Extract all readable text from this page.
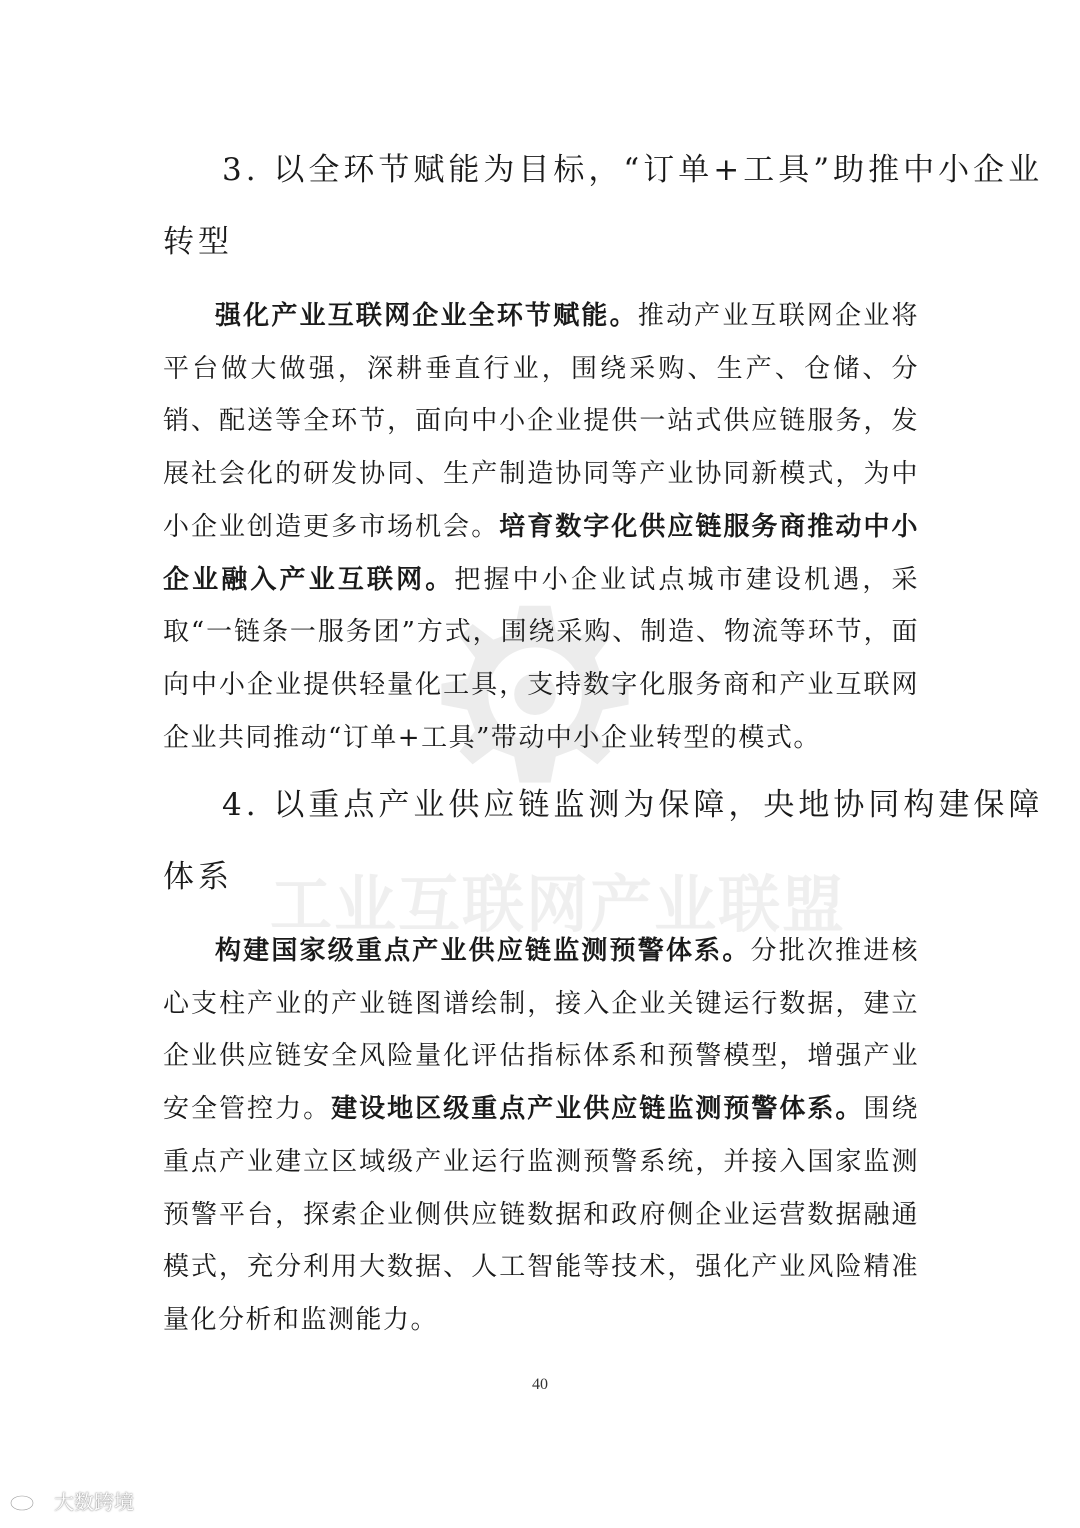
工业互联网产业联盟
3. 以全环节赋能为目标，“订单+工具”助推中小企业
转型
强化产业互联网企业全环节赋能。推动产业互联网企业将平台做大做强，深耕垂直行业，围绕采购、生产、仓储、分销、配送等全环节，面向中小企业提供一站式供应链服务，发展社会化的研发协同、生产制造协同等产业协同新模式，为中小企业创造更多市场机会。培育数字化供应链服务商推动中小企业融入产业互联网。把握中小企业试点城市建设机遇，采取“一链条一服务团”方式，围绕采购、制造、物流等环节，面向中小企业提供轻量化工具，支持数字化服务商和产业互联网企业共同推动“订单+工具”带动中小企业转型的模式。
4. 以重点产业供应链监测为保障，央地协同构建保障
体系
构建国家级重点产业供应链监测预警体系。分批次推进核心支柱产业的产业链图谱绘制，接入企业关键运行数据，建立企业供应链安全风险量化评估指标体系和预警模型，增强产业安全管控力。建设地区级重点产业供应链监测预警体系。围绕重点产业建立区域级产业运行监测预警系统，并接入国家监测预警平台，探索企业侧供应链数据和政府侧企业运营数据融通模式，充分利用大数据、人工智能等技术，强化产业风险精准量化分析和监测能力。
40
大数跨境
